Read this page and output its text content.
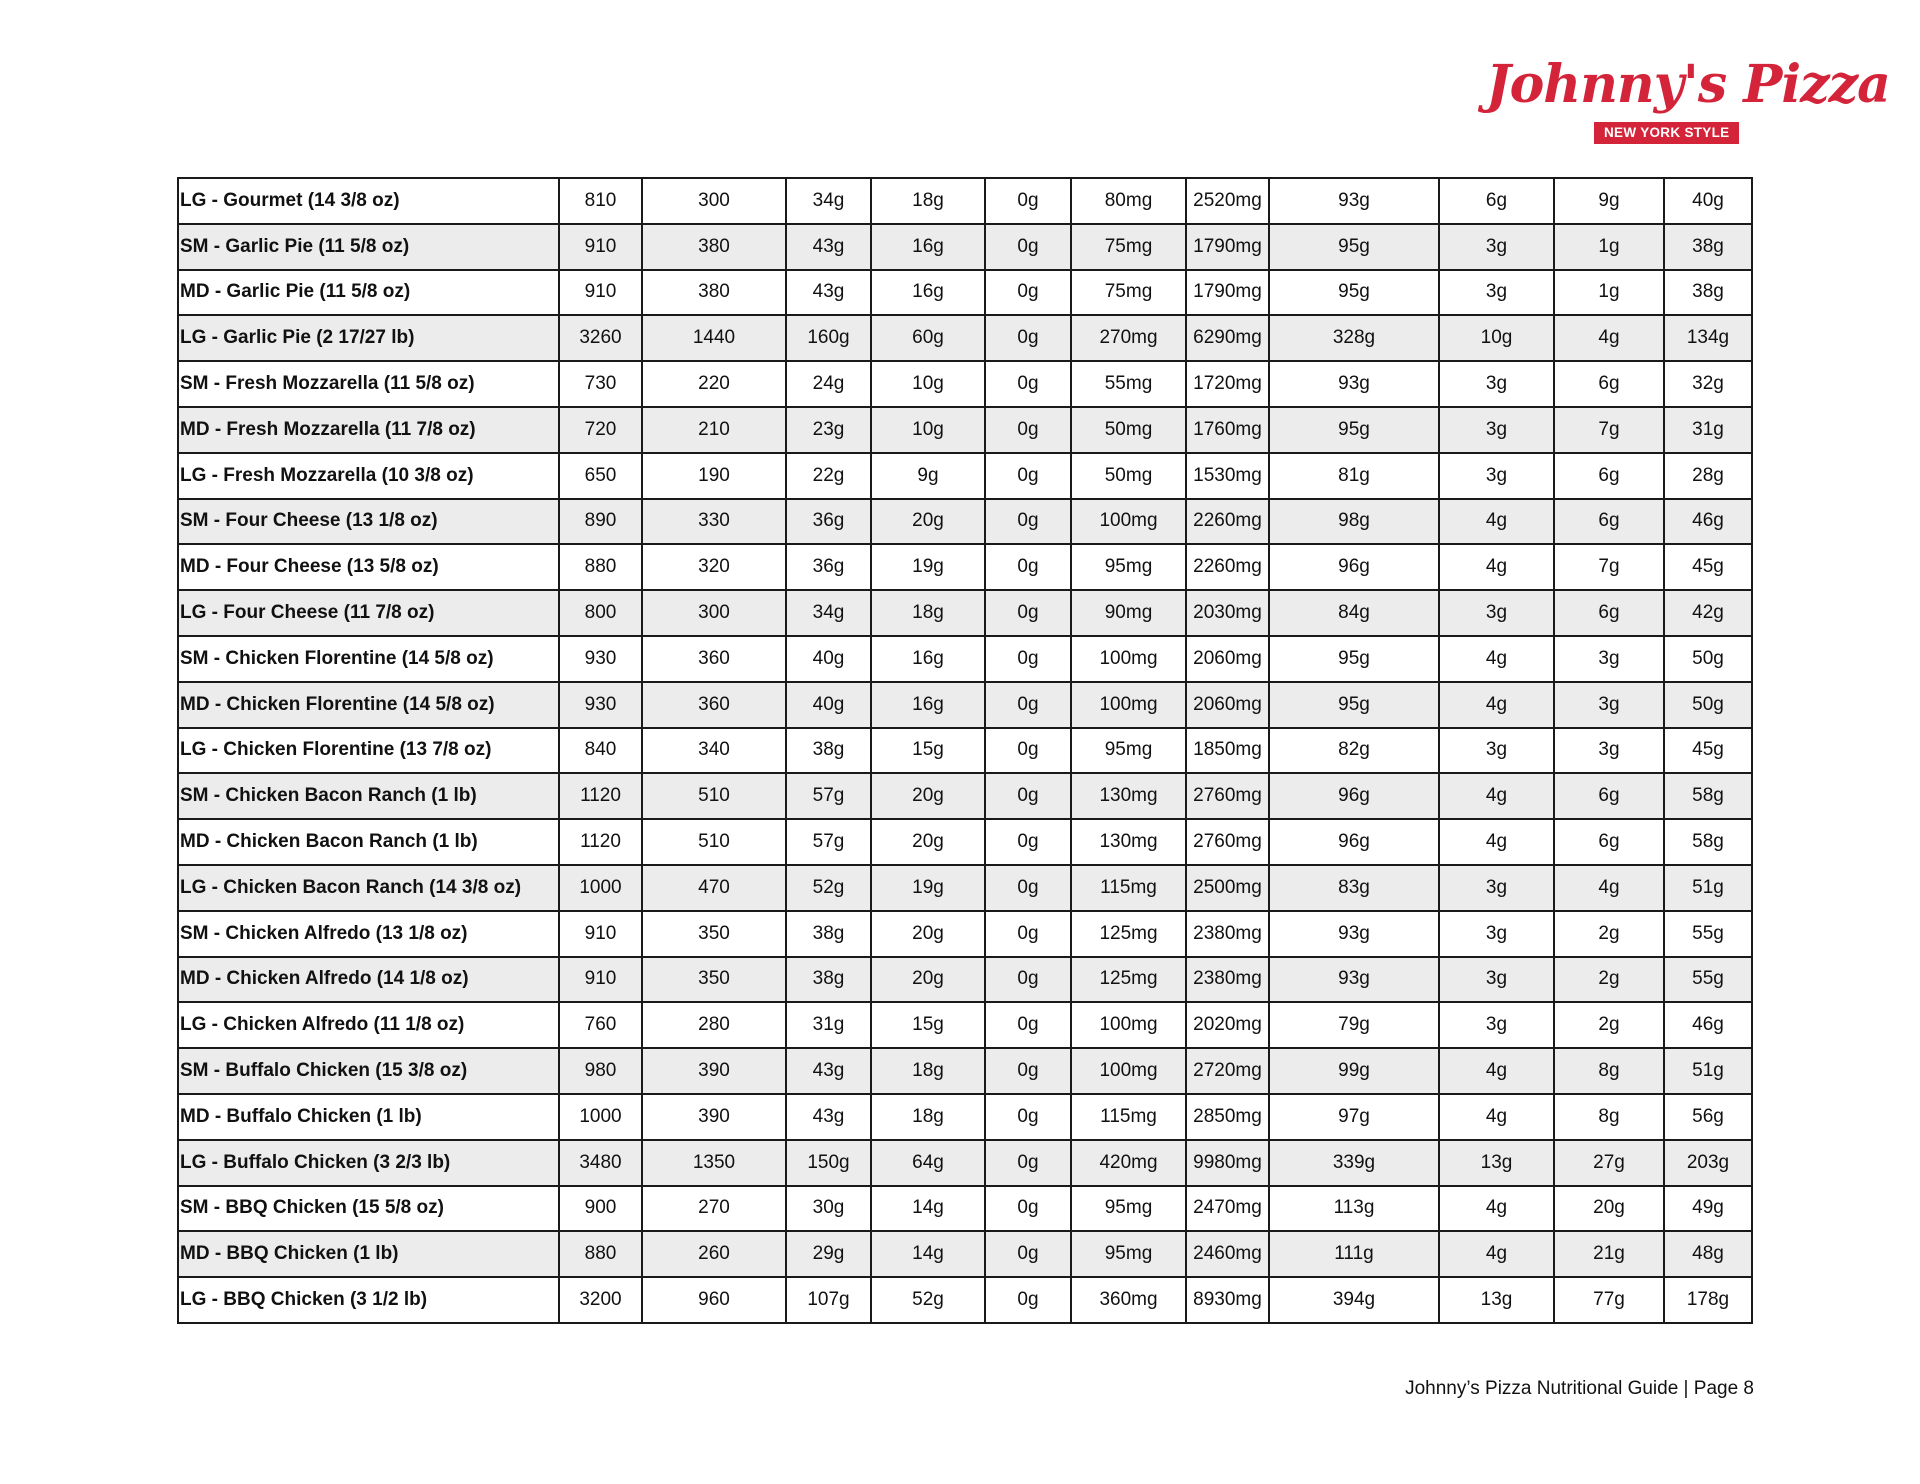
Johnny's Pizza
NEW YORK STYLE
LG - Gourmet (14 3/8 oz)	810	300	34g	18g	0g	80mg	2520mg	93g	6g	9g	40g
SM - Garlic Pie (11 5/8 oz)	910	380	43g	16g	0g	75mg	1790mg	95g	3g	1g	38g
MD - Garlic Pie (11 5/8 oz)	910	380	43g	16g	0g	75mg	1790mg	95g	3g	1g	38g
LG - Garlic Pie (2 17/27 lb)	3260	1440	160g	60g	0g	270mg	6290mg	328g	10g	4g	134g
SM - Fresh Mozzarella (11 5/8 oz)	730	220	24g	10g	0g	55mg	1720mg	93g	3g	6g	32g
MD - Fresh Mozzarella (11 7/8 oz)	720	210	23g	10g	0g	50mg	1760mg	95g	3g	7g	31g
LG - Fresh Mozzarella (10 3/8 oz)	650	190	22g	9g	0g	50mg	1530mg	81g	3g	6g	28g
SM - Four Cheese (13 1/8 oz)	890	330	36g	20g	0g	100mg	2260mg	98g	4g	6g	46g
MD - Four Cheese (13 5/8 oz)	880	320	36g	19g	0g	95mg	2260mg	96g	4g	7g	45g
LG - Four Cheese (11 7/8 oz)	800	300	34g	18g	0g	90mg	2030mg	84g	3g	6g	42g
SM - Chicken Florentine (14 5/8 oz)	930	360	40g	16g	0g	100mg	2060mg	95g	4g	3g	50g
MD - Chicken Florentine (14 5/8 oz)	930	360	40g	16g	0g	100mg	2060mg	95g	4g	3g	50g
LG - Chicken Florentine (13 7/8 oz)	840	340	38g	15g	0g	95mg	1850mg	82g	3g	3g	45g
SM - Chicken Bacon Ranch (1 lb)	1120	510	57g	20g	0g	130mg	2760mg	96g	4g	6g	58g
MD - Chicken Bacon Ranch (1 lb)	1120	510	57g	20g	0g	130mg	2760mg	96g	4g	6g	58g
LG - Chicken Bacon Ranch (14 3/8 oz)	1000	470	52g	19g	0g	115mg	2500mg	83g	3g	4g	51g
SM - Chicken Alfredo (13 1/8 oz)	910	350	38g	20g	0g	125mg	2380mg	93g	3g	2g	55g
MD - Chicken Alfredo (14 1/8 oz)	910	350	38g	20g	0g	125mg	2380mg	93g	3g	2g	55g
LG - Chicken Alfredo (11 1/8 oz)	760	280	31g	15g	0g	100mg	2020mg	79g	3g	2g	46g
SM - Buffalo Chicken (15 3/8 oz)	980	390	43g	18g	0g	100mg	2720mg	99g	4g	8g	51g
MD - Buffalo Chicken (1 lb)	1000	390	43g	18g	0g	115mg	2850mg	97g	4g	8g	56g
LG - Buffalo Chicken (3 2/3 lb)	3480	1350	150g	64g	0g	420mg	9980mg	339g	13g	27g	203g
SM - BBQ Chicken (15 5/8 oz)	900	270	30g	14g	0g	95mg	2470mg	113g	4g	20g	49g
MD - BBQ Chicken (1 lb)	880	260	29g	14g	0g	95mg	2460mg	111g	4g	21g	48g
LG - BBQ Chicken (3 1/2 lb)	3200	960	107g	52g	0g	360mg	8930mg	394g	13g	77g	178g
Johnny’s Pizza Nutritional Guide | Page 8
